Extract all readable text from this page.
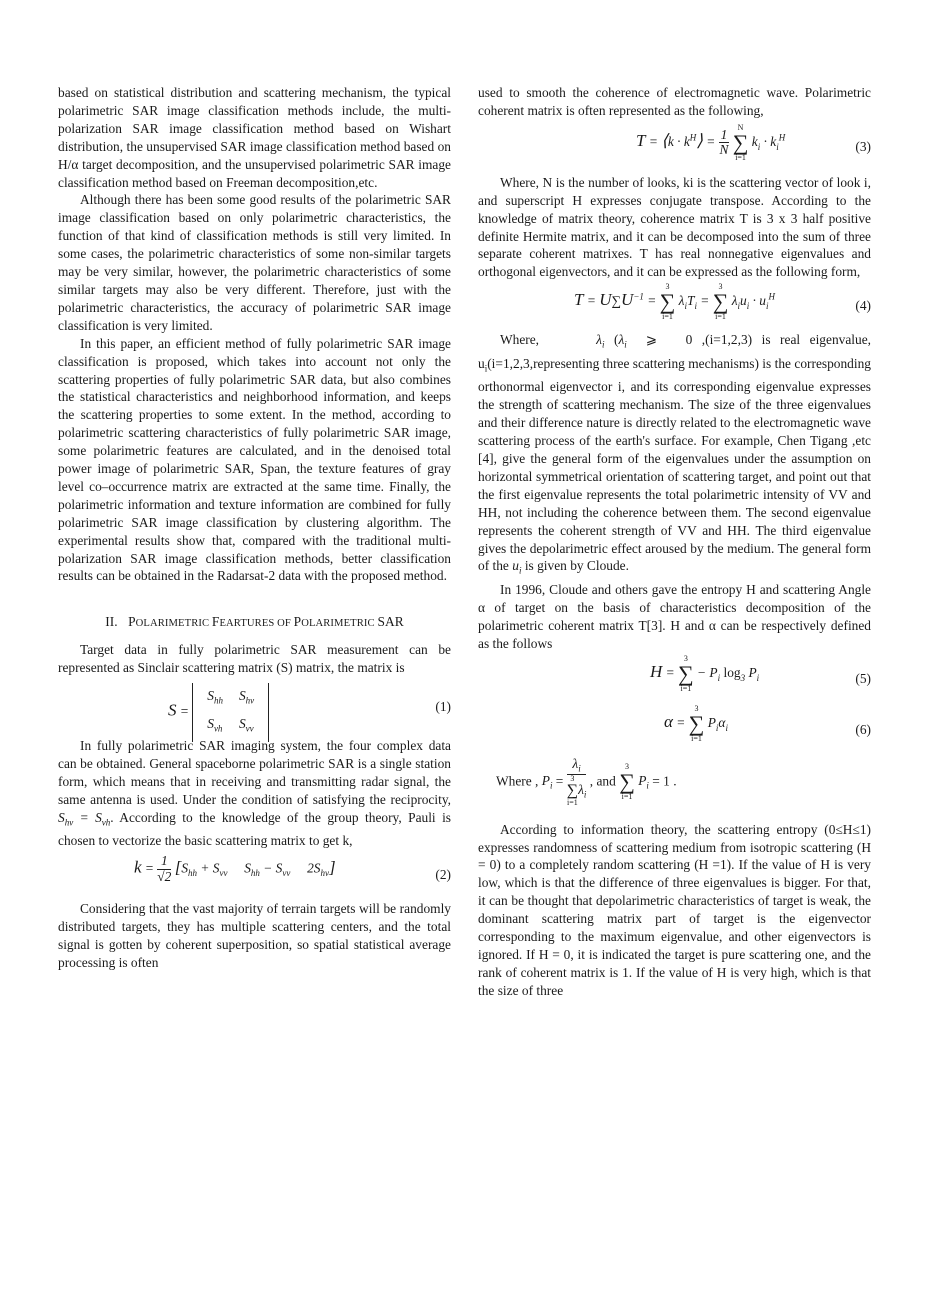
based on statistical distribution and scattering mechanism, the typical polarimetric SAR image classification methods include, the multi-polarization SAR image classification method based on Wishart distribution, the unsupervised SAR image classification method based on H/α target decomposition, and the unsupervised polarimetric SAR image classification method based on Freeman decomposition,etc.

Although there has been some good results of the polarimetric SAR image classification based on only polarimetric characteristics, the function of that kind of classification methods is still very limited. In some cases, the polarimetric characteristics of some non-similar targets may be very similar, however, the polarimetric characteristics of some similar targets may also be very different. Therefore, just with the polarimetric characteristics, the accuracy of polarimetric SAR image classification is very limited.

In this paper, an efficient method of fully polarimetric SAR image classification is proposed, which takes into account not only the scattering properties of fully polarimetric SAR data, but also combines the statistical characteristics and neighborhood information, and keeps the scattering properties to some extent. In the method, according to polarimetric scattering characteristics of fully polarimetric SAR image, some polarimetric features are calculated, and in the denoised total power image of polarimetric SAR, Span, the texture features of gray level co–occurrence matrix are extracted at the same time. Finally, the polarimetric information and texture information are combined for fully polarimetric SAR image classification by clustering algorithm. The experimental results show that, compared with the traditional multi-polarization SAR image classification methods, better classification results can be obtained in the Radarsat-2 data with the proposed method.

II. POLARIMETRIC FEARTURES OF POLARIMETRIC SAR

Target data in fully polarimetric SAR measurement can be represented as Sinclair scattering matrix (S) matrix, the matrix is

S =
$S_{hh}$	$S_{hv}$
$S_{vh}$	$S_{vv}$
(1)

In fully polarimetric SAR imaging system, the four complex data can be obtained. General spaceborne polarimetric SAR is a single station form, which means that in receiving and transmitting radar signal, the same antenna is used. Under the condition of satisfying the reciprocity, $S_{hv} = S_{vh}$. According to the knowledge of the group theory, Pauli is chosen to vectorize the basic scattering matrix to get k,

$k = \frac{1}{√2} [S_{hh} + S_{vv}$     $S_{hh} - S_{vv}$     $2S_{hv}$]	(2)

Considering that the vast majority of terrain targets will be randomly distributed targets, they has multiple scattering centers, and the total signal is gotten by coherent superposition, so spatial statistical average processing is often

used to smooth the coherence of electromagnetic wave. Polarimetric coherent matrix is often represented as the following,

T = ⟨k · $k^H⟩ = \frac{1}{N}$

N
∑
i=1
$k_i \cdot k_i^H$
(3)

Where, N is the number of looks, ki is the scattering vector of look i, and superscript H expresses conjugate transpose. According to the knowledge of matrix theory, coherence matrix T is 3 x 3 half positive definite Hermite matrix, and it can be decomposed into the sum of three separate coherent matrixes. T has real nonnegative eigenvalues and orthogonal eigenvectors, and it can be expressed as the following form,

$T = U\sum U^{-1}$ =
3
∑
i=1
$\lambda_iT_i$ =
3
∑
i=1
$\lambda_iu_i \cdot u_i^H$
(4)

Where,	$\lambda_i$ ($\lambda_i$  ⩾   0 ,(i=1,2,3) is real eigenvalue, $u_i(i=1,2,3,representing$ three scattering mechanisms) is the corresponding orthonormal eigenvector i, and its corresponding eigenvalue expresses the strength of scattering mechanism. The size of the three eigenvalues and their difference nature is directly related to the electromagnetic wave scattering process of the earth's surface. For example, Chen Tigang ,etc [4], give the general form of the eigenvalues under the assumption on horizontal symmetrical orientation of scattering target, and point out that the first eigenvalue represents the total polarimetric intensity of VV and HH, not including the coherence between them. The second eigenvalue represents the coherent strength of VV and HH. The third eigenvalue gives the depolarimetric effect aroused by the medium. The general form of the $u_i$ is given by Cloude.

In 1996, Cloude and others gave the entropy H and scattering Angle α of target on the basis of characteristics decomposition of the polarimetric coherent matrix T[3]. H and α can be respectively defined as the follows

H =
3
∑
i=1
− $P_i$ $\log_3 P_i$	(5)
α =
3
∑
i=1
$P_i\alpha_i$	(6)
Where , $P_i = \lambda_i$
3
∑
i=1
$\lambda_i$ , and
3
∑
i=1
$P_i = 1$ .

According to information theory, the scattering entropy (0≤H≤1) expresses randomness of scattering medium from isotropic scattering (H = 0) to a completely random scattering (H =1). If the value of H is very low, which is that the difference of three eigenvalues is bigger. For that, it can be thought that depolarimetric characteristics of target is weak, the dominant scattering matrix part of target is the eigenvector corresponding to the maximum eigenvalue, and other eigenvectors is ignored. If H = 0, it is indicated the target is pure scattering one, and the rank of coherent matrix is 1. If the value of H is very high, which is that the size of three
